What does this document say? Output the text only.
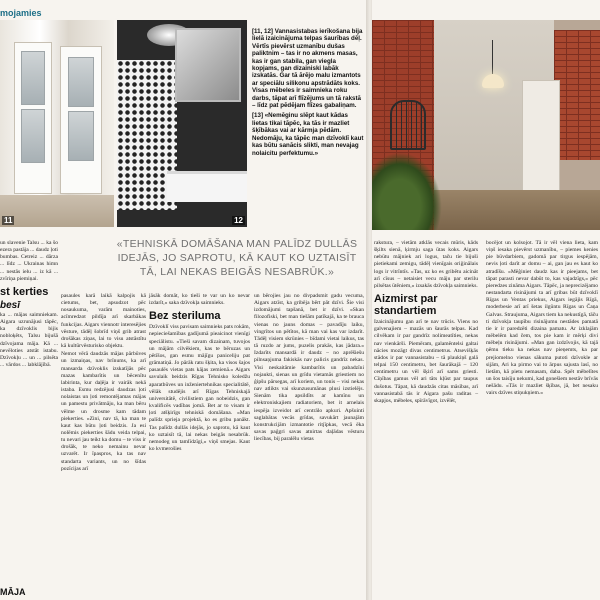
mojamies
11	12

[11, 12] Vannasistabas ierīkošana bija lielā izaicinājuma telpas šaurības dēļ. Vērtīs pievērst uzmanību dušas paliktnim – tas ir no akmens masas, kas ir gan stabila, gan viegla kopjams, gan dizainiski labāk izskatās. Gar tā ārējo malu izmantots ar speciālu silikonu apstrādāts koks. Visas mēbeles ir saimnieka roku darbs, tāpat arī flīzējums un tā rakstā – līdz pat pēdējam flīzes gabaliņam.

[13] «Nemēginu slēpt kaut kādas lietas tikai tāpēc, ka tās ir mazliet šķībākas vai ar kārmja pēdām. Nedomāju, ka tāpēc man dzīvoklī kaut kas būtu sanācis slikti, man nevajag nolaicitu perfektumu.»

«TEHNISKĀ DOMĀŠANA MAN PALĪDZ DULLĀS IDEJĀS, JO SAPROTU, KĀ KAUT KO UZTAISĪT TĀ, LAI NEKAS BEIGĀS NESABRŪK.»

un slavenie Talsu ... ka šo ezera pastāja ... daudz ļoti bumbas. Cetreiz ... dārza ... līdz ... Ukrainas himn ... nestās ielu ... iz kā ... zvīriņa piemiņai.

st kerties
besī

ka ... mājas saimniekam. Aigara uzrunājusi tāpēc, ka dzīvoklis bijis nobloķēts, Talsu bijušā dzīvojama māja. Kā ... nevēloties atstāt istabu. Dzīvokļu ... un ... pilsēta ... vārdos ... labklājībā.

pasaules karā laikā kalpojis kā cietums, bet, apsudzot pēc nosaukuma, varām mainoties, acīmredzot pildīja arī skarbākas funkcijas. Aigars viennotr interesējies vēsture, tādēļ šobrīd viņš grib atrast drošākas ziņas, lai to visu atstāstītu kā kultūrvēsturisko objektu.

Nemot vērā daudzās mājas pārbūves un izmaiņas, nav brīnums, ka arī mansarda dzīvoklis izskatījās pēc mazas kambarītis un bēcenītu labirinta, kur daļēja ir vairāk nekā istaba. Esmu redzējusi daudzas ļoti nolaistas un ļoti remontējamas mājas un pamestu privātmāju, ka man bēru vēlme un drosme kam tādam piekerties. «Zini, nav tā, ka man te kaut kas būtu ļoti beidzis. Ja esi nolēmis piekerties šādu veida telpai, tu nevari jau teikt ka domu – te viss ir drošāk, te neko nemainu nevar uzvarēt. Ir īpaspros, ka tas nav standarta variants, un no šīdas pozīcijas arī

jāsāk domāt, ko tieši te var un ko nevar izdarīt,» saka dzīvokļa saimnieks.

Bez steriluma

Dzīvoklī viss pavisam saimnieks pats rokām, nepieciešamības gadījumā pieaicinot vienīgi speciālistu. «Tieši savam dizainam, tuvojos un mājām cilvēkiem, kas te bēruzas un pētīšos, gan esmu mājīgu paniceliju pat grāmatiņā. Jo pārāk ratu šķita, ka visos šajos pasaulēs vietas pats kājas zemienā.» Aigars savulaik beidzis Rīgas Tehnisko koledžu aparatbūves un inženiertehnikas specialitātē, vēlāk studējis arī Rīgas Tehniskajā universitātē, civilistiem gan nobeidzis, gan kvalificēs vadības jomā. Bet ar to visam ir ļoti atšķirīgs tehniskā domāšana. «Man palīdz sprieja projektā, ko es gribu panākt. Tas palīdz dullās idejās, jo saprotu, kā kaut ko uztaisīt tā, lai nekas beigās nesabrūk. nemodeg un tamlīdzīgi,» viņš smejas. Kaut ko kvmerošies

un bērojies jau no divpadsmit gadu vecuma, Aigars atzīst, ka gribēja bērt pāt dzīvi. Šie visi izdomājumi tapšanā, bet ir dzīvi. «Skan filozofiski, bet man tiešām patīkajā, ka te brauca vienas no jauns domas – pavadīju laiku, vingrītos un pētītos, kā man vai kas var izdarīt. Tādēļ visiem skrūnies – bīdami vietai laikus, tas tā ruzdo ar jums, puzelis prakās, kas jādara.» Izdarīts mansardā ir daudz – no aprēšiešu pilnsaņjuma fakiskās nav palicis gandrīz nekas. Visi neskaitāmie kambarītis un pabadzīni nojaukti, sienas un grīdu vietamās griestiem no ģipšu pārsegas, arī koriem, un tonis – visi nekas nav atlikts vai skunzusumānas plusi izstielējs. Sienām tika apsildīts ar kamīnu un elektroniskajiem radiatoriem, bet it arnelais iespēja izveidot arī centrālo apkuri. Apšuinti saglabātas vecās grīdas, savukārt jaunajām konstrukcijām izmantotie ritjīpkas, vecā ēka savas paģgri savas atnirtas daļādas vēsturu liecības, bij paralēlu vietas

MĀJA

rakstura, – vietām atklās vecais mūris, kāds šķilts sienā, ķirmju saga ūtas koks. Aigars nebūtu mājniek ari logus, taču tie bijuši pietiekami zemigu, tādēļ vienīgais oriģinālais logs ir vitrīntīs. «Tas, uz ko es gribētu aicināt arī cīsus – netaisiet vecu māju par sterilu pilsētas ūtēniem,» izsakās dzīvokļa saimnieks.

Aizmirst par standartiem

Izaicinājumu gan arī te nav trūcis. Viens no galvenajiem – mazās un šaurās telpas. Kad cilvēkam ir par gandrīz nolimeatīties, nekas nav vienkārši. Piemēram, galamēntelsi galtai nācies mozāgt divas centimetrus. Atsevišķās stādos ir par vannasistabu – tā plaukiņš galā telpai 150 centimetru, bet šaurākajā – 120 centimetru un vēl šķirī arī sams griesti. Cīņības gamus vēl ari tāts kļūst par taupus dušotus. Tāpat, kā daudzās citas māsības, arī vannasistabā tās ir Aigara pašu raditas – skapjos, mēbeles, spīrāvīgot, izvēlēt,

bocējot un kolsojot. Tā ir vēl viena lieta, kam viņš iesaka pievērst uzmanību, – piemes kenies pie būvdarbiem, gadomā par tirgus iespējām, nevis ļoti darīt ar domu – ai, gan jau es kaut ko atradīšu. «Mēģiniet daudz kas ir pieejams, bet tāpat parasti nevar dabūt to, kas vajadzīgs,» pēc pieredzes zināma Aigars. Tāpēc, ja neprecizējamo nestandarta risinājumi ta arī gribas būt dzīvoklī Rīgas un Ventas priekus, Aigars iegājis Rīgā, moderbesie arī arī šetas ilgūntu Rīgas un Čaņa Galvas. Straujuma, Aigars tiem ka nekustīgā, tāču ti dzīvokļa taupību risinājumu nestādes pamatā tie ir ir paredzēti dizaina pamatu. Ar izklajām mēbelēm kad čem, tos pie kam ir mērķi divi mēbeļu risinājumi. «Man gan izdzīvojis, kā tajā ņēmu tieku ka nekas nav pieņemts, ka par prejiomelno vienas sākuma putoti dzīvokle ar sijām, Ari ka pirmo vai to ārpus sajusta lasī, no lietām, kā pietu nemasam, daba. Spēt mēbelītes un šos taisīju nekumi, kad gonešiem nestāv brīvās nešādu. «Tās ir mazliet šķības, jā, bet nesaku vairs dzīves stiņukņiem.»
